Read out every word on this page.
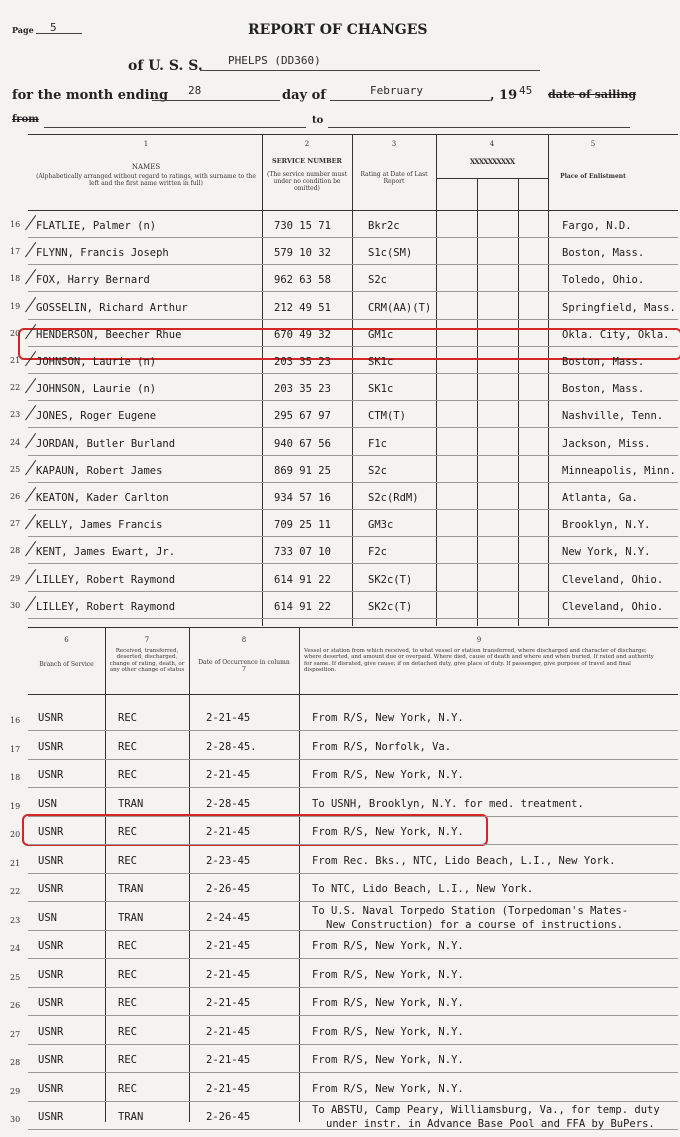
Page 5	REPORT OF CHANGES
of U. S. S. PHELPS (DD360)
for the month ending 28	day of	February	, 19 45 date of sailing
from	to
1
NAMES
(Alphabetically arranged without regard to ratings, with surname to the left and the first name written in full)
2
SERVICE NUMBER
(The service number must under no condition be omitted)
3
Rating at Date of Last Report
4
XXXXXXXXXX
5
Place of Enlistment
6
Branch of Service
7
Received, transferred, deserted, discharged, change of rating, death, or any other change of status
8
Date of Occurrence in column 7
9
Vessel or station from which received, to what vessel or station transferred, where discharged and character of discharge; where deserted, and amount due or overpaid. Where died, cause of death and where and when buried. If rated and authority for same. If disrated, give cause; if on detached duty, give place of duty. If passenger, give purpose of travel and final disposition.
16 FLATLIE, Palmer (n)	730 15 71	Bkr2c	Fargo, N.D.
17 FLYNN, Francis Joseph	579 10 32	S1c(SM)	Boston, Mass.
18 FOX, Harry Bernard	962 63 58	S2c	Toledo, Ohio.
19 GOSSELIN, Richard Arthur	212 49 51	CRM(AA)(T)	Springfield, Mass.
20 HENDERSON, Beecher Rhue	670 49 32	GM1c	Okla. City, Okla.
21 JOHNSON, Laurie (n)	203 35 23	SK1c	Boston, Mass.
22 JOHNSON, Laurie (n)	203 35 23	SK1c	Boston, Mass.
23 JONES, Roger Eugene	295 67 97	CTM(T)	Nashville, Tenn.
24 JORDAN, Butler Burland	940 67 56	F1c	Jackson, Miss.
25 KAPAUN, Robert James	869 91 25	S2c	Minneapolis, Minn.
26 KEATON, Kader Carlton	934 57 16	S2c(RdM)	Atlanta, Ga.
27 KELLY, James Francis	709 25 11	GM3c	Brooklyn, N.Y.
28 KENT, James Ewart, Jr.	733 07 10	F2c	New York, N.Y.
29 LILLEY, Robert Raymond	614 91 22	SK2c(T)	Cleveland, Ohio.
30 LILLEY, Robert Raymond	614 91 22	SK2c(T)	Cleveland, Ohio.
16 USNR	REC	2-21-45	From R/S, New York, N.Y.
17 USNR	REC	2-28-45.	From R/S, Norfolk, Va.
18 USNR	REC	2-21-45	From R/S, New York, N.Y.
19 USN	TRAN	2-28-45	To USNH, Brooklyn, N.Y. for med. treatment.
20 USNR	REC	2-21-45	From R/S, New York, N.Y.
21 USNR	REC	2-23-45	From Rec. Bks., NTC, Lido Beach, L.I., New York.
22 USNR	TRAN	2-26-45	To NTC, Lido Beach, L.I., New York.
23 USN	TRAN	2-24-45
To U.S. Naval Torpedo Station (Torpedoman's Mates-
New Construction) for a course of instructions.
24 USNR	REC	2-21-45	From R/S, New York, N.Y.
25 USNR	REC	2-21-45	From R/S, New York, N.Y.
26 USNR	REC	2-21-45	From R/S, New York, N.Y.
27 USNR	REC	2-21-45	From R/S, New York, N.Y.
28 USNR	REC	2-21-45	From R/S, New York, N.Y.
29 USNR	REC	2-21-45	From R/S, New York, N.Y.
30 USNR	TRAN	2-26-45
To ABSTU, Camp Peary, Williamsburg, Va., for temp. duty
under instr. in Advance Base Pool and FFA by BuPers.
